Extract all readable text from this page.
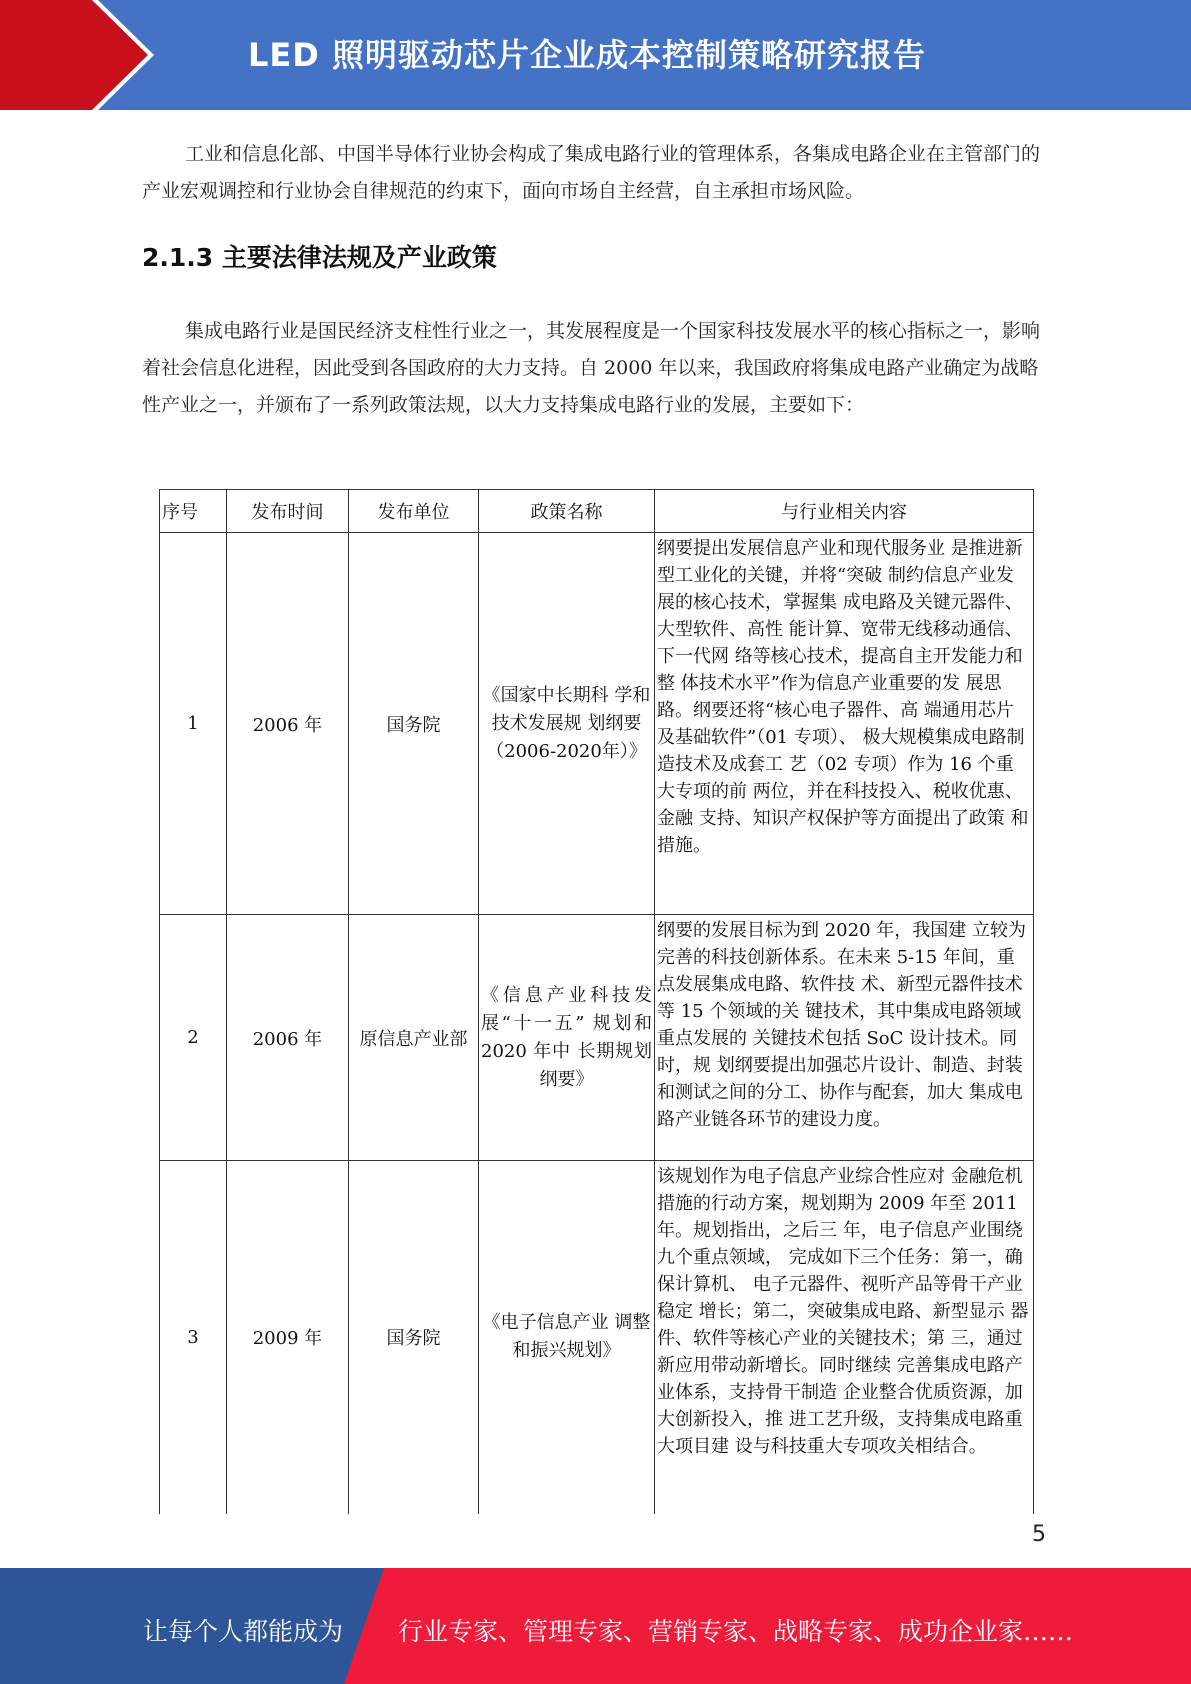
LED 照明驱动芯片企业成本控制策略研究报告
工业和信息化部、中国半导体行业协会构成了集成电路行业的管理体系，各集成电路企业在主管部门的产业宏观调控和行业协会自律规范的约束下，面向市场自主经营，自主承担市场风险。
2.1.3 主要法律法规及产业政策
集成电路行业是国民经济支柱性行业之一，其发展程度是一个国家科技发展水平的核心指标之一，影响着社会信息化进程，因此受到各国政府的大力支持。自 2000 年以来，我国政府将集成电路产业确定为战略性产业之一，并颁布了一系列政策法规，以大力支持集成电路行业的发展，主要如下：
序号	发布时间	发布单位	政策名称	与行业相关内容
1	2006 年	国务院	《国家中长期科 学和技术发展规 划纲要（2006-2020年）》	纲要提出发展信息产业和现代服务业 是推进新型工业化的关键，并将“突破 制约信息产业发展的核心技术，掌握集 成电路及关键元器件、大型软件、高性 能计算、宽带无线移动通信、下一代网 络等核心技术，提高自主开发能力和整 体技术水平”作为信息产业重要的发 展思路。纲要还将“核心电子器件、高 端通用芯片及基础软件”（01 专项）、 极大规模集成电路制造技术及成套工 艺（02 专项）作为 16 个重大专项的前 两位，并在科技投入、税收优惠、金融 支持、知识产权保护等方面提出了政策 和措施。
2	2006 年	原信息产业部	《信息产业科技发展“十一五” 规划和 2020 年中 长期规划纲要》	纲要的发展目标为到 2020 年，我国建 立较为完善的科技创新体系。在未来 5-15 年间，重点发展集成电路、软件技 术、新型元器件技术等 15 个领域的关 键技术，其中集成电路领域重点发展的 关键技术包括 SoC 设计技术。同时，规 划纲要提出加强芯片设计、制造、封装 和测试之间的分工、协作与配套，加大 集成电路产业链各环节的建设力度。
3	2009 年	国务院	《电子信息产业 调整和振兴规划》	该规划作为电子信息产业综合性应对 金融危机措施的行动方案，规划期为 2009 年至 2011 年。规划指出，之后三 年，电子信息产业围绕九个重点领域， 完成如下三个任务：第一，确保计算机、 电子元器件、视听产品等骨干产业稳定 增长；第二，突破集成电路、新型显示 器件、软件等核心产业的关键技术；第 三，通过新应用带动新增长。同时继续 完善集成电路产业体系，支持骨干制造 企业整合优质资源，加大创新投入，推 进工艺升级，支持集成电路重大项目建 设与科技重大专项攻关相结合。
5
让每个人都能成为 行业专家、管理专家、营销专家、战略专家、成功企业家……
